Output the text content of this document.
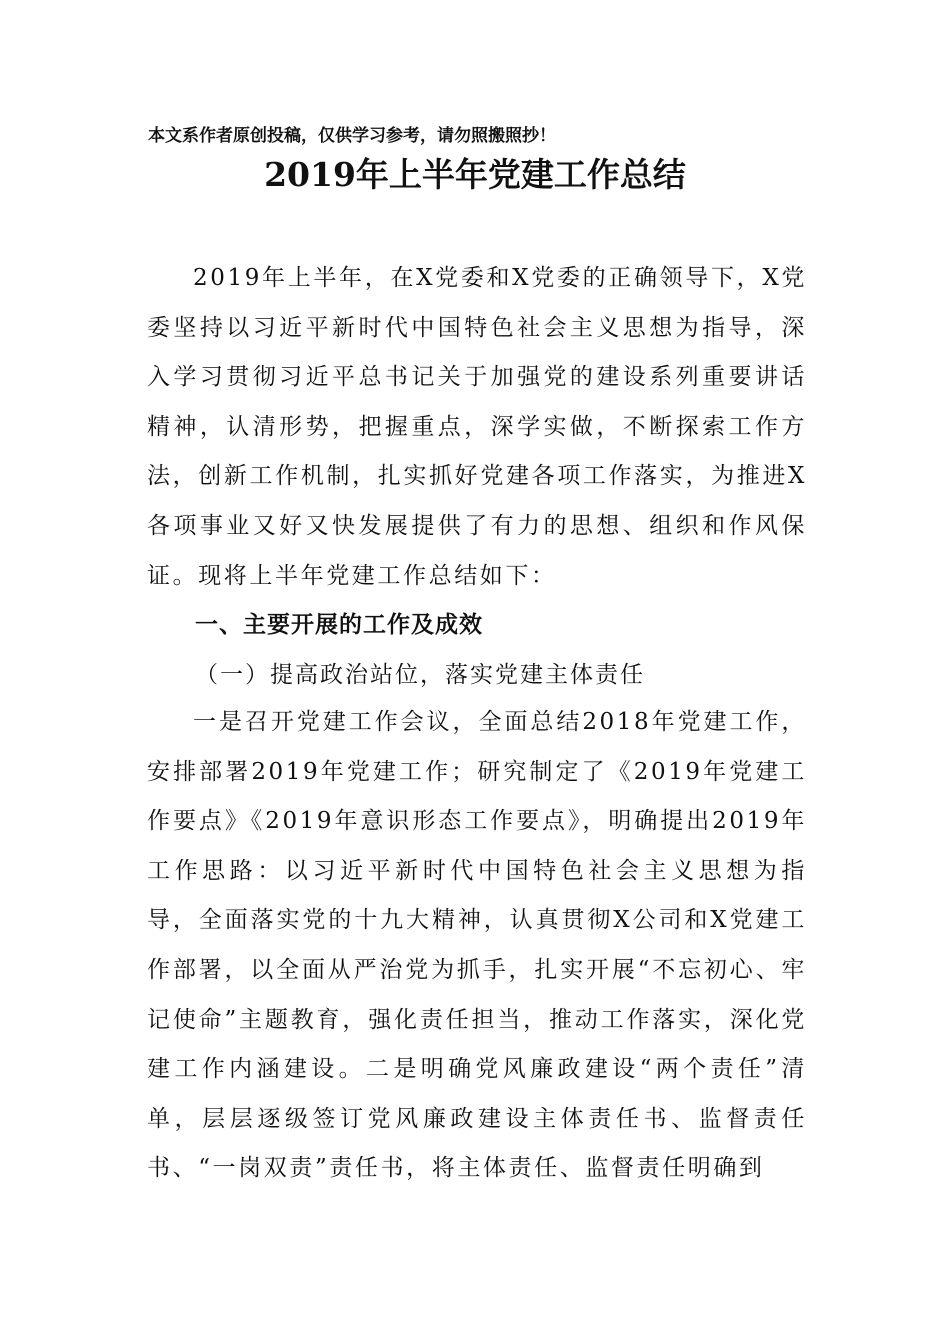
本文系作者原创投稿，仅供学习参考，请勿照搬照抄！
2019年上半年党建工作总结

2019年上半年，在X党委和X党委的正确领导下，X党委坚持以习近平新时代中国特色社会主义思想为指导，深入学习贯彻习近平总书记关于加强党的建设系列重要讲话精神，认清形势，把握重点，深学实做，不断探索工作方法，创新工作机制，扎实抓好党建各项工作落实，为推进X各项事业又好又快发展提供了有力的思想、组织和作风保证。现将上半年党建工作总结如下：

一、主要开展的工作及成效
（一）提高政治站位，落实党建主体责任

一是召开党建工作会议，全面总结2018年党建工作，安排部署2019年党建工作；研究制定了《2019年党建工作要点》《2019年意识形态工作要点》，明确提出2019年工作思路：以习近平新时代中国特色社会主义思想为指导，全面落实党的十九大精神，认真贯彻X公司和X党建工作部署，以全面从严治党为抓手，扎实开展“不忘初心、牢记使命”主题教育，强化责任担当，推动工作落实，深化党建工作内涵建设。二是明确党风廉政建设“两个责任”清单，层层逐级签订党风廉政建设主体责任书、监督责任书、“一岗双责”责任书，将主体责任、监督责任明确到
